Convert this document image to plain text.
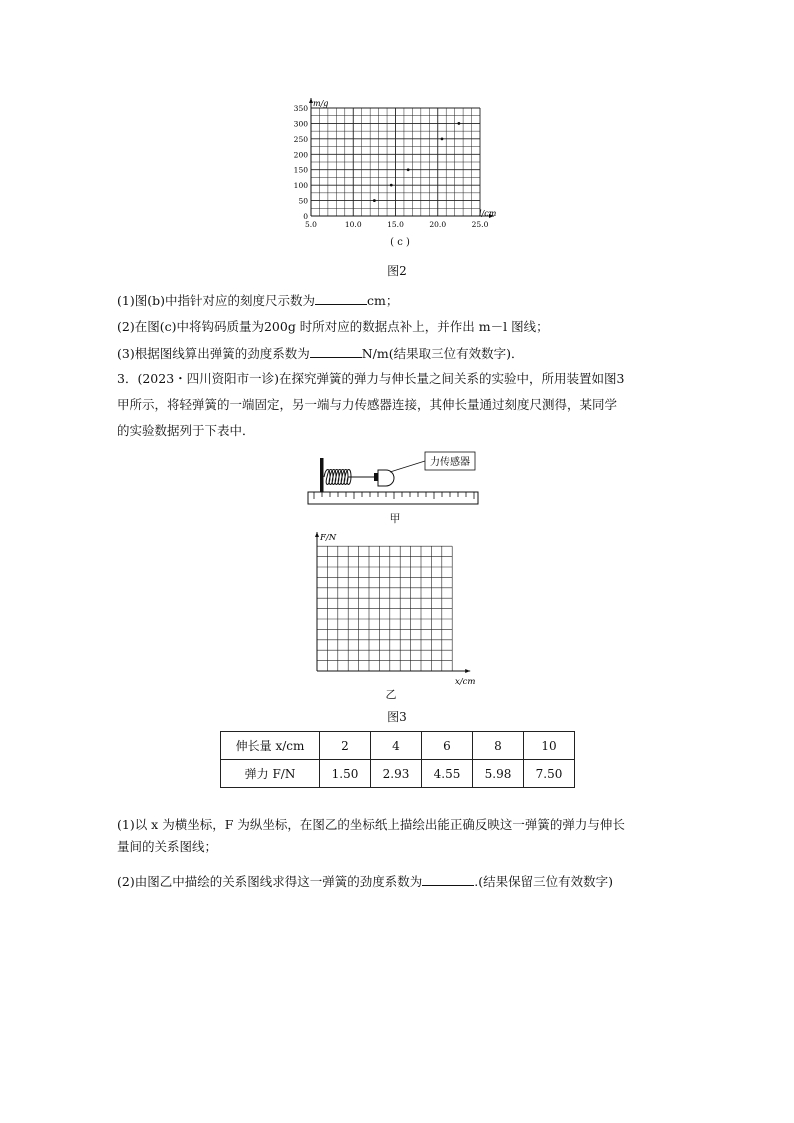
350
300
250
200
150
100
50
0
5.0	10.0	15.0	20.0	25.0
m/g
l/cm
( c )
图2
(1)图(b)中指针对应的刻度尺示数为	cm；
(2)在图(c)中将钩码质量为200g 时所对应的数据点补上，并作出 m－l 图线；
(3)根据图线算出弹簧的劲度系数为	N/m(结果取三位有效数字)．
3．(2023・四川资阳市一诊)在探究弹簧的弹力与伸长量之间关系的实验中，所用装置如图3
甲所示，将轻弹簧的一端固定，另一端与力传感器连接，其伸长量通过刻度尺测得，某同学
的实验数据列于下表中．
力传感器
甲
F/N
x/cm
乙
图3
伸长量 x/cm	2	4	6	8	10
弹力 F/N	1.50	2.93	4.55	5.98	7.50
(1)以 x 为横坐标，F 为纵坐标，在图乙的坐标纸上描绘出能正确反映这一弹簧的弹力与伸长
量间的关系图线；
(2)由图乙中描绘的关系图线求得这一弹簧的劲度系数为	.(结果保留三位有效数字)
